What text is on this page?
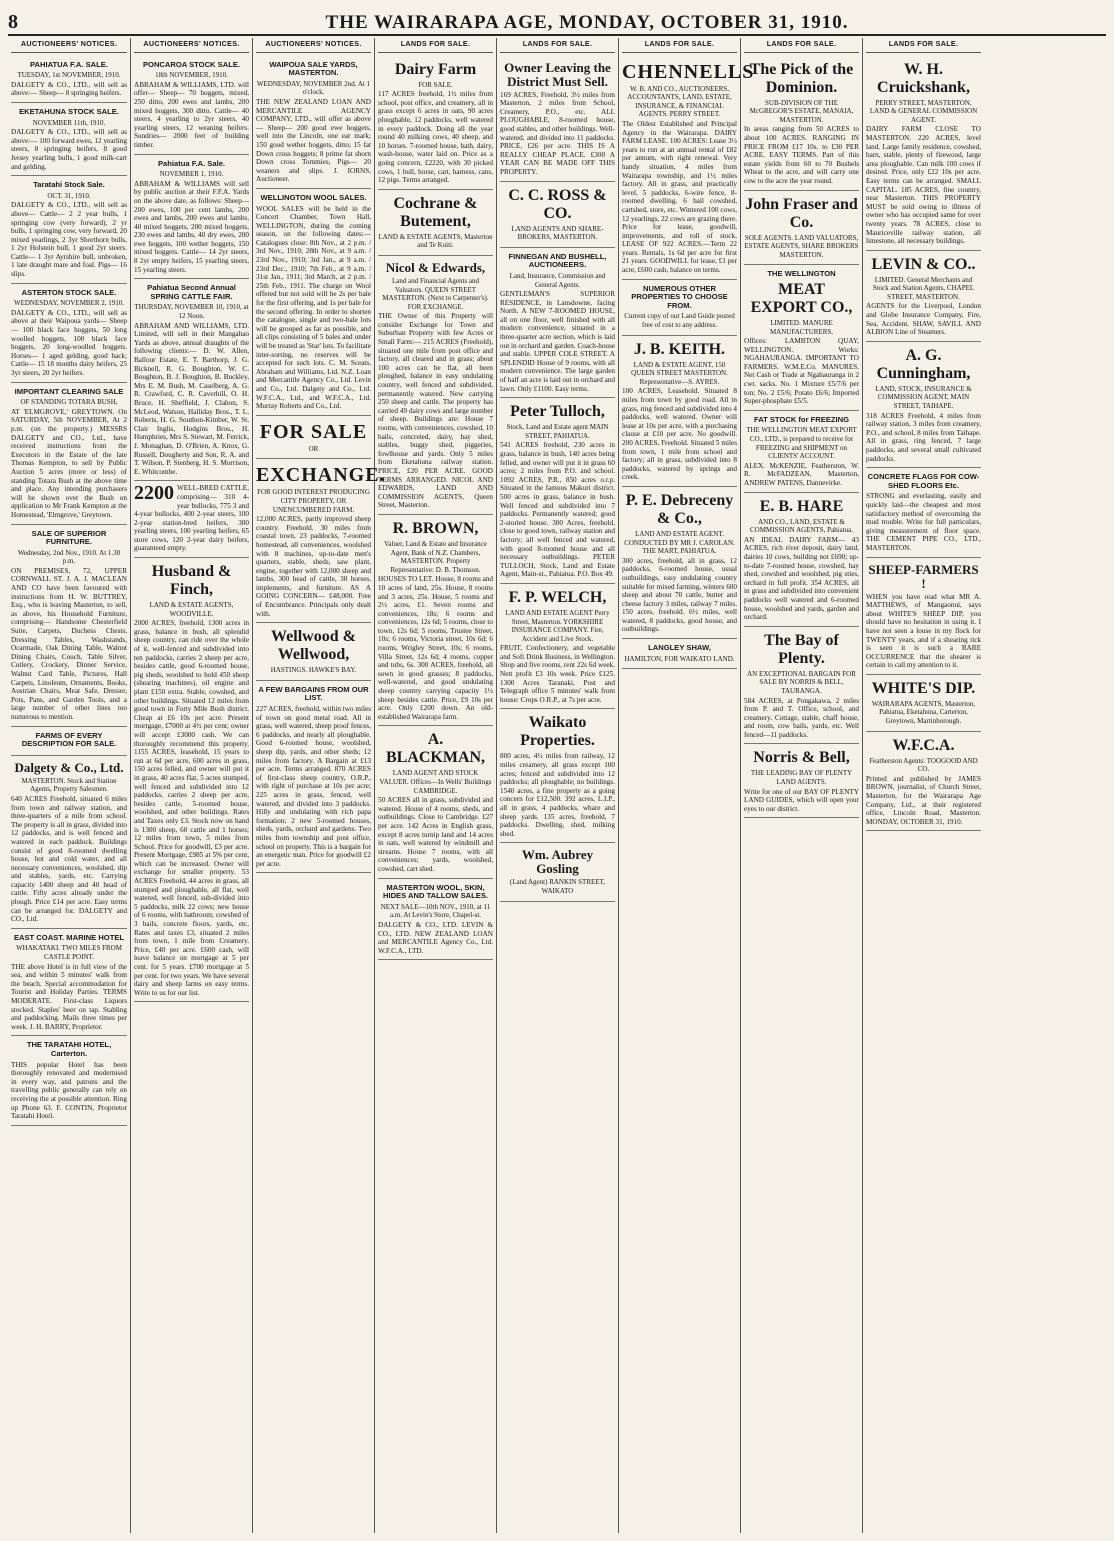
8	THE WAIRARAPA AGE, MONDAY, OCTOBER 31, 1910.
AUCTIONEERS' NOTICES.
PAHIATUA F.A. SALE.
TUESDAY, 1st NOVEMBER, 1910.
DALGETY & CO., LTD., will sell as above:— Sheep— 8 springing heifers.
EKETAHUNA STOCK SALE.
NOVEMBER 11th, 1910.
DALGETY & CO., LTD., will sell as above:— 100 forward ewes, 12 yearling steers, 8 springing heifers, 8 good Jersey yearling bulls, 1 good milk-cart and gelding.
Taratahi Stock Sale.
OCT. 31, 1910.
DALGETY & CO., LTD., will sell as above— Cattle— 2 2 year bulls, 1 springing cow (very forward), 2 yr bulls, 1 springing cow, very forward, 20 mixed yearlings, 2 3yr Shorthorn bulls, 1 2yr Holstein bull, 1 good 2yr steers. Cattle— 1 3yr Ayrshire bull, unbroken, 1 late draught mare and foal. Pigs— 16 slips.
ASTERTON STOCK SALE.
WEDNESDAY, NOVEMBER 2, 1910.
DALGETY & CO., LTD., will sell as above at their Waipoua yards— Sheep— 100 black face hoggets, 50 long woolled hoggets, 100 black face hoggets, 20 long-woolled hoggets. Horses— 1 aged gelding, good hack; Cattle— 15 18 months dairy heifers, 25 3yr steers, 20 2yr heifers.
IMPORTANT CLEARING SALE
OF STANDING TOTARA BUSH,
AT 'ELMGROVE,' GREYTOWN. On SATURDAY, 5th NOVEMBER, At 2 p.m. (on the property.) MESSRS DALGETY and CO., Ltd., have received instructions from the Executors in the Estate of the late Thomas Kempton, to sell by Public Auction 5 acres (more or less) of standing Totara Bush at the above time and place. Any intending purchasers will be shown over the Bush on application to Mr Frank Kempton at the Homestead, 'Elmgrove,' Greytown.
SALE OF SUPERIOR FURNITURE.
Wednesday, 2nd Nov., 1910. At 1.30 p.m.
ON PREMISES, 72, UPPER CORNWALL ST. J. A. J. MACLEAN AND CO have been favoured with instructions from H. W. BUTTREY, Esq., who is leaving Masterton, to sell, as above, his Household Furniture, comprising— Handsome Chesterfield Suite, Carpets, Duchess Chests, Dressing Tables, Washstands, Ocarmade, Oak Dining Table, Walnut Dining Chairs, Couch, Table Silver, Cutlery, Crockery, Dinner Service, Walnut Card Table, Pictures, Hall Carpets, Linoleum, Ornaments, Books, Austrian Chairs, Meat Safe, Dresser, Pots, Pans, and Garden Tools, and a large number of other lines too numerous to mention.
FARMS OF EVERY DESCRIPTION FOR SALE.
Dalgety & Co., Ltd.
MASTERTON. Stock and Station Agents, Property Salesmen.
640 ACRES Freehold, situated 6 miles from town and railway station, and three-quarters of a mile from school. The property is all in grass, divided into 12 paddocks, and is well fenced and watered in each paddock. Buildings consist of good 8-roomed dwelling house, hot and cold water, and all necessary conveniences, woolshed, dip and stables, yards, etc. Carrying capacity 1400 sheep and 40 head of cattle. Fifty acres already under the plough. Price £14 per acre. Easy terms can be arranged for. DALGETY and CO., Ltd.
EAST COAST. MARINE HOTEL
WHAKATAKI. TWO MILES FROM CASTLE POINT.
THE above Hotel is in full view of the sea, and within 5 minutes' walk from the beach. Special accommodation for Tourist and Holiday Parties. TERMS MODERATE. First-class Liquors stocked. Staples' beer on tap. Stabling and paddocking. Mails three times per week. J. H. BARRY, Proprietor.
THE TARATAHI HOTEL, Carterton.
THIS popular Hotel has been thoroughly renovated and modernised in every way, and patrons and the travelling public generally can rely on receiving the at possible attention. Ring up Phone 63. F. CONTIN, Proprietor Taratahi Hotel.
AUCTIONEERS' NOTICES.
PONCAROA STOCK SALE.
18th NOVEMBER, 1910.
ABRAHAM & WILLIAMS, LTD. will offer— Sheep— 70 hoggets, mixed, 250 ditto, 200 ewes and lambs, 200 mixed hoggets, 300 ditto. Cattle— 40 steers, 4 yearling to 2yr steers, 40 yearling steers, 12 weaning heifers. Sundries— 2000 feet of building timber.
Pahiatua F.A. Sale.
NOVEMBER 1, 1910.
ABRAHAM & WILLIAMS will sell by public auction at their F.F.A. Yards on the above date, as follows: Sheep— 200 ewes, 100 per cent lambs, 200 ewes and lambs, 200 ewes and lambs, 40 mixed hoggets, 200 mixed hoggets, 230 ewes and lambs, 40 dry ewes, 200 ewe hoggets, 100 wether hoggets, 150 mixed hoggets. Cattle— 14 2yr steers, 8 2yr empty heifers, 15 yearling steers, 15 yearling steers.
Pahiatua Second Annual SPRING CATTLE FAIR.
THURSDAY, NOVEMBER 10, 1910, at 12 Noon.
ABRAHAM AND WILLIAMS, LTD. Limited, will sell in their Mangahao Yards as above, annual draughts of the following clients:— D. W. Allen, Ballour Estate, E. T. Barthorp, J. G. Bicknell, R. G. Boughton, W. C. Boughton, B. J. Boughton, B. Buckley, Mrs E. M. Bush, M. Caselberg, A. G. R. Crawford, C. R. Caverhill, O. H. Bruce, H. Sheffield, J. Clahon, S. McLeod, Watson, Halliday Bros., T. L. Roberts, H. G. Southon-Kimber, W. St. Clair Inglis, Hodgins Bros., H. Humphries, Mrs S. Stewart, M. Ferrick, J. Monaghan, D. O'Brien, A. Knox, G. Russell, Dougherty and Son, R. A. and T. Wilson, P. Stenberg, H. S. Morrison, E. Whitcombe.
2200 WELL-BRED CATTLE, comprising— 310 4-year bullocks, 775 3 and 4-year bullocks, 400 2-year steers, 100 2-year station-bred heifers, 300 yearling steers, 100 yearling heifers, 65 store cows, 120 2-year dairy heifers, guaranteed empty.
Husband & Finch,
LAND & ESTATE AGENTS, WOODVILLE.
2000 ACRES, freehold, 1300 acres in grass, balance in bush, all splendid sheep country, can ride over the whole of it, well-fenced and subdivided into ten paddocks, carries 2 sheep per acre, besides cattle, good 6-roomed house, pig sheds, woolshed to hold 450 sheep (shearing machines), oil engine and plant £150 extra. Stable, cowshed, and other buildings. Situated 12 miles from good town in Forty Mile Bush district. Cheap at £6 10s per acre. Present mortgage, £7000 at 4½ per cent; owner will accept £3000 cash. We can thoroughly recommend this property. 1155 ACRES, leasehold, 15 years to run at 6d per acre, 600 acres in grass, 150 acres felled, and owner will put it in grass, 40 acres flat, 5 acres stumped, well fenced and subdivided into 12 paddocks, carries 2 sheep per acre, besides cattle, 5-roomed house, woolshed, and other buildings. Rates and Taxes only £3. Stock now on hand is 1300 sheep, 60 cattle and 1 horses; 12 miles from town, 5 miles from School. Price for goodwill, £3 per acre. Present Mortgage, £985 at 5% per cent, which can be increased. Owner will exchange for smaller property. 53 ACRES Freehold, 44 acres in grass, all stumped and ploughable, all flat, well watered, well fenced, sub-divided into 5 paddocks, milk 22 cows; new house of 6 rooms, with bathroom; cowshed of 3 bails, concrete floors, yards, etc. Rates and taxes £3, situated 2 miles from town, 1 mile from Creamery. Price, £40 per acre. £600 cash, will leave balance on mortgage at 5 per cent. for 5 years. £700 mortgage at 5 per cent. for two years. We have several dairy and sheep farms on easy terms. Write to us for our list.
AUCTIONEERS' NOTICES.
WAIPOUA SALE YARDS, MASTERTON.
WEDNESDAY, NOVEMBER 2nd. At 1 o'clock.
THE NEW ZEALAND LOAN AND MERCANTILE AGENCY COMPANY, LTD., will offer as above— Sheep— 200 good ewe hoggets, well into the Lincoln, one ear mark; 150 good wether hoggets, ditto; 15 fat Down cross hoggets; 8 prime fat shorn Down cross Tommies, Pigs— 20 weaners and slips. J. IORNS, Auctioneer.
WELLINGTON WOOL SALES.
WOOL SALES will be held in the Concert Chamber, Town Hall, WELLINGTON, during the coming season, on the following dates:— Catalogues close: 8th Nov., at 2 p.m. / 3rd Nov., 1910; 28th Nov., at 9 a.m. / 23rd Nov., 1910; 3rd Jan., at 9 a.m. / 23rd Dec., 1910; 7th Feb., at 9 a.m. / 31st Jan., 1911; 3rd March, at 2 p.m. / 25th Feb., 1911. The charge on Wool offered but not sold will be 2s per bale for the first offering, and 1s per bale for the second offering. In order to shorten the catalogue, single and two-bale lots will be grouped as far as possible, and all clips consisting of 5 bales and under will be treated as 'Star' lots. To facilitate inter-sorting, no reserves will be accepted for such lots. C. M. Sceats, Abraham and Williams, Ltd. N.Z. Loan and Mercantile Agency Co., Ltd. Levin and Co., Ltd. Dalgety and Co., Ltd. W.F.C.A., Ltd., and W.F.C.A., Ltd. Murray Roberts and Co., Ltd.
FOR SALE
OR
EXCHANGE.
FOR GOOD INTEREST PRODUCING CITY PROPERTY, OR UNENCUMBERED FARM.
12,000 ACRES, partly improved sheep country. Freehold. 30 miles from coastal town, 23 paddocks, 7-roomed homestead, all conveniences, woolshed with 8 machines, up-to-date men's quarters, stable, sheds, saw plant, engine, together with 12,000 sheep and lambs, 300 head of cattle, 30 horses, implements, and furniture. AS A GOING CONCERN— £48,000. Free of Encumbrance. Principals only dealt with.
Wellwood & Wellwood,
HASTINGS. HAWKE'S BAY.
A FEW BARGAINS FROM OUR LIST.
227 ACRES, freehold, within two miles of town on good metal road. All in grass, well watered, sheep proof fences, 6 paddocks, and nearly all ploughable. Good 6-roomed house, woolshed, sheep dip, yards, and other sheds; 12 miles from factory. A Bargain at £13 per acre. Terms arranged. 870 ACRES of first-class sheep country, O.R.P., with right of purchase at 10s per acre; 225 acres in grass, fenced, well watered, and divided into 3 paddocks. Hilly and undulating with rich papa formation; 2 new 5-roomed houses, sheds, yards, orchard and gardens. Two miles from township and post office, school on property. This is a bargain for an energetic man. Price for goodwill £2 per acre.
LANDS FOR SALE.
Dairy Farm
FOR SALE.
117 ACRES freehold, 1½ miles from school, post office, and creamery, all in grass except 6 acres in oats, 90 acres ploughable, 12 paddocks, well watered in every paddock. Doing all the year round 40 milking cows, 40 sheep, and 10 horses. 7-roomed house, bath, dairy, wash-house, water laid on. Price as a going concern, £2220, with 30 picked cows, 1 bull, horse, cart, harness, cans, 12 pigs. Terms arranged.
Cochrane & Butement,
LAND & ESTATE AGENTS, Masterton and Te Kuiti.
Nicol & Edwards,
Land and Financial Agents and Valuators. QUEEN STREET MASTERTON. (Next to Carpenter's). FOR EXCHANGE.
THE Owner of this Property will consider Exchange for Town and Suburban Property with few Acres or Small Farm:— 215 ACRES (Freehold), situated one mile from post office and factory, all cleared and in grass; about 100 acres can be flat, all been ploughed, balance in easy undulating country, well fenced and subdivided, permanently watered. New carrying 250 sheep and cattle. The property has carried 49 dairy cows and large number of sheep. Buildings are: House 7 rooms, with conveniences, cowshed, 10 bails, concreted, dairy, hay shed, stables, buggy shed, piggeries, fowlhouse and yards. Only 5 miles from Eketahuna railway station. PRICE, £20 PER ACRE. GOOD TERMS ARRANGED. NICOL AND EDWARDS, LAND AND COMMISSION AGENTS, Queen Street, Masterton.
R. BROWN,
Valuer, Land & Estate and Insurance Agent, Bank of N.Z. Chambers, MASTERTON. Property Representative: D. B. Thomson.
HOUSES TO LET. House, 8 rooms and 10 acres of land, 25s. House, 8 rooms and 3 acres, 25s. House, 5 rooms and 2½ acres, £1. Seven rooms and conveniences, 18s; 6 rooms and conveniences, 12s 6d; 5 rooms, close to town, 12s 6d; 5 rooms, Trustee Street, 10s; 6 rooms, Victoria street, 10s 6d; 6 rooms, Wrigley Street, 10s; 6 rooms, Villa Street, 12s 6d; 4 rooms, copper and tubs, 6s. 300 ACRES, freehold, all sown in good grasses; 8 paddocks, well-watered, and good undulating sheep country carrying capacity 1½ sheep besides cattle. Price, £9 10s per acre. Only £200 down. An old-established Wairarapa farm.
A. BLACKMAN,
LAND AGENT AND STOCK VALUER. Offices—In Wells' Buildings CAMBRIDGE.
50 ACRES all in grass, subdivided and watered. House of 4 rooms, sheds, and outbuildings. Close to Cambridge. £27 per acre. 142 Acres in English grass, except 8 acres turnip land and 14 acres in oats, well watered by windmill and streams. House 7 rooms, with all conveniences; yards, woolshed, cowshed, cart shed.
MASTERTON WOOL, SKIN, HIDES AND TALLOW SALES.
NEXT SALE—10th NOV., 1910, at 11 a.m. At Levin's Store, Chapel-st.
DALGETY & CO., LTD. LEVIN & CO., LTD. NEW ZEALAND LOAN and MERCANTILE Agency Co., Ltd. W.F.C.A., LTD.
LANDS FOR SALE.
Owner Leaving the District Must Sell.
169 ACRES, Freehold, 3½ miles from Masterton, 2 miles from School, Creamery, P.O., etc. ALL PLOUGHABLE, 8-roomed house, good stables, and other buildings. Well-watered, and divided into 11 paddocks. PRICE, £26 per acre. THIS IS A REALLY CHEAP PLACE. £300 A YEAR CAN BE MADE OFF THIS PROPERTY.
C. C. ROSS & CO.
LAND AGENTS AND SHARE-BROKERS, MASTERTON.
FINNEGAN AND BUSHELL, AUCTIONEERS.
Land, Insurance, Commission and General Agents.
GENTLEMAN'S SUPERIOR RESIDENCE, in Lansdowne, facing North. A NEW 7-ROOMED HOUSE, all on one floor, well finished with all modern convenience, situated in a three-quarter acre section, which is laid out in orchard and garden. Coach-house and stable. UPPER COLE STREET. A SPLENDID House of 9 rooms, with all modern convenience. The large garden of half an acre is laid out in orchard and lawn. Only £1100. Easy terms.
Peter Tulloch,
Stock, Land and Estate agent MAIN STREET, PAHIATUA.
541 ACRES freehold, 230 acres in grass, balance in bush, 140 acres being felled, and owner will put it in grass 60 acres; 2 miles from P.O. and school. 1092 ACRES, P.R., 850 acres o.r.p. Situated in the famous Makuri district. 500 acres in grass, balance in bush. Well fenced and subdivided into 7 paddocks. Permanently watered; good 2-storied house. 300 Acres, freehold, close to good town, railway station and factory; all well fenced and watered, with good 8-roomed house and all necessary outbuildings. PETER TULLOCH, Stock, Land and Estate Agent, Main-st., Pahiatua. P.O. Box 49.
F. P. WELCH,
LAND AND ESTATE AGENT Perry Street, Masterton. YORKSHIRE INSURANCE COMPANY. Fire, Accident and Live Stock.
FRUIT, Confectionery, and vegetable and Soft Drink Business, in Wellington. Shop and five rooms, rent 22s 6d week. Nett profit £3 10s week. Price £125. 1300 Acres Taranaki, Post and Telegraph office 5 minutes' walk from house: Crops O.R.P., at 7s per acre.
Waikato Properties.
800 acres, 4½ miles from railway, 12 miles creamery, all grass except 100 acres; fenced and subdivided into 12 paddocks; all ploughable; no buildings. 1540 acres, a fine property as a going concern for £12,500. 392 acres, L.I.P., all in grass, 4 paddocks, whare and sheep yards. 135 acres, freehold, 7 paddocks. Dwelling, shed, milking shed.
Wm. Aubrey Gosling
(Land Agent) RANKIN STREET, WAIKATO
LANDS FOR SALE.
CHENNELLS
W. B. AND CO., AUCTIONEERS, ACCOUNTANTS, LAND, ESTATE, INSURANCE, & FINANCIAL AGENTS. PERRY STREET.
The Oldest Established and Principal Agency in the Wairarapa. DAIRY FARM LEASE. 100 ACRES: Lease 3½ years to run at an annual rental of £82 per annum, with right renewal. Very handy situation, 4 miles from Wairarapa township, and 1½ miles factory. All in grass, and practically level, 5 paddocks, 6-wire fence, 8-roomed dwelling, 6 bail cowshed, cartshed, store, etc. Wintered 100 cows, 12 yearlings, 22 cows are grazing there. Price for lease, goodwill, improvements, and roll of stock. LEASE OF 922 ACRES.—Term 22 years. Rentals, 1s 6d per acre for first 21 years. GOODWILL for lease, £1 per acre, £600 cash, balance on terms.
NUMEROUS OTHER PROPERTIES TO CHOOSE FROM.
Current copy of our Land Guide posted free of cost to any address.
J. B. KEITH.
LAND & ESTATE AGENT, 150 QUEEN STREET MASTERTON. Representative—S. AYRES.
100 ACRES, Leasehold. Situated 8 miles from town by good road. All in grass, ring fenced and subdivided into 4 paddocks, well watered. Owner will lease at 10s per acre, with a purchasing clause at £10 per acre. No goodwill. 200 ACRES, Freehold. Situated 5 miles from town, 1 mile from school and factory; all in grass, subdivided into 8 paddocks, watered by springs and creek.
P. E. Debreceny & Co.,
LAND AND ESTATE AGENT. CONDUCTED BY MR J. CAROLAN. THE MART, PAHIATUA.
300 acres, freehold, all in grass, 12 paddocks, 6-roomed house, usual outbuildings, easy undulating country suitable for mixed farming, winters 600 sheep and about 70 cattle, butter and cheese factory 3 miles, railway 7 miles. 150 acres, freehold. 6½ miles, well watered, 8 paddocks, good house, and outbuildings.
LANGLEY SHAW,
HAMILTON, FOR WAIKATO LAND.
LANDS FOR SALE.
The Pick of the Dominion.
SUB-DIVISION OF THE McGREGOR'S ESTATE, MANAIA, MASTERTON.
In areas ranging from 50 ACRES to about 100 ACRES. RANGING IN PRICE FROM £17 10s. to £30 PER ACRE. EASY TERMS. Part of this estate yields from 60 to 70 Bushels Wheat to the acre, and will carry one cow to the acre the year round.
John Fraser and Co.
SOLE AGENTS. LAND VALUATORS, ESTATE AGENTS, SHARE BROKERS MASTERTON.
THE WELLINGTON
MEAT EXPORT CO.,
LIMITED. MANURE MANUFACTURERS.
Offices: LAMBTON QUAY, WELLINGTON. Works: NGAHAURANGA. IMPORTANT TO FARMERS. W.M.E.Co. MANURES. Net Cash or Trade at Ngahauranga in 2 cwt. sacks. No. 1 Mixture £5/7/6 per ton; No. 2 £5/6; Potato £6/6; Imported Super-phosphate £5/5.
FAT STOCK for FREEZING
THE WELLINGTON MEAT EXPORT CO., LTD., is prepared to receive for FREEZING and SHIPMENT on CLIENTS' ACCOUNT.
ALEX. McKENZIE, Featherston, W. R. McFADZEAN, Masterton, ANDREW PATENS, Dannevirke.
E. B. HARE
AND CO., LAND, ESTATE & COMMISSION AGENTS, Pahiatua.
AN IDEAL DAIRY FARM— 43 ACRES, rich river deposit, dairy land, dairies 10 cows, building not £690; up-to-date 7-roomed house, cowshed, hay shed, cowshed and woolshed, pig sties, orchard in full profit. 354 ACRES, all in grass and subdivided into convenient paddocks well watered and 6-roomed house, woolshed and yards, garden and orchard.
The Bay of Plenty.
AN EXCEPTIONAL BARGAIN FOR SALE BY NORRIS & BELL, TAURANGA.
584 ACRES, at Pongakawa, 2 miles from P. and T. Office, school, and creamery. Cottage, stable, chaff house, and room, cow bails, yards, etc. Well fenced—11 paddocks.
Norris & Bell,
THE LEADING BAY OF PLENTY LAND AGENTS.
Write for one of our BAY OF PLENTY LAND GUIDES, which will open your eyes to our district.
LANDS FOR SALE.
W. H. Cruickshank,
PERRY STREET, MASTERTON, LAND & GENERAL COMMISSION AGENT.
DAIRY FARM CLOSE TO MASTERTON. 220 ACRES, level land. Large family residence, cowshed, barn, stable, plenty of firewood, large area ploughable. Can milk 100 cows if desired. Price, only £22 10s per acre. Easy terms can be arranged. SMALL CAPITAL. 185 ACRES, fine country, near Masterton. THIS PROPERTY MUST be sold owing to illness of owner who has occupied same for over twenty years. 78 ACRES, close to Mauriceville railway station, all limestone, all necessary buildings.
LEVIN & CO..
LIMITED. General Merchants and Stock and Station Agents, CHAPEL STREET, MASTERTON.
AGENTS for the Liverpool, London and Globe Insurance Company, Fire, Sea, Accident. SHAW, SAVILL AND ALBION Line of Steamers.
A. G. Cunningham,
LAND, STOCK, INSURANCE & COMMISSION AGENT, MAIN STREET, TAIHAPE.
318 ACRES Freehold, 4 miles from railway station, 3 miles from creamery, P.O., and school, 8 miles from Taihape. All in grass, ring fenced, 7 large paddocks, and several small cultivated paddocks.
CONCRETE FLAGS FOR COW-SHED FLOORS Etc.
STRONG and everlasting, easily and quickly laid—the cheapest and most satisfactory method of overcoming the mud trouble. Write for full particulars, giving measurement of floor space. THE CEMENT PIPE CO., LTD., MASTERTON.
SHEEP-FARMERS !
WHEN you have read what MR A. MATTHEWS, of Mangaonui, says about WHITE'S SHEEP DIP, you should have no hesitation in using it. I have not seen a louse in my flock for TWENTY years, and if a shearing tick is seen it is such a RARE OCCURRENCE that the shearer is certain to call my attention to it.
WHITE'S DIP.
WAIRARAPA AGENTS, Masterton, Pahiatua, Eketahuna, Carterton, Greytown, Martinborough.
W.F.C.A.
Featherston Agents: TOOGOOD AND CO.
Printed and published by JAMES BROWN, journalist, of Church Street, Masterton, for the Wairarapa Age Company, Ltd., at their registered office, Lincoln Road, Masterton. MONDAY, OCTOBER 31, 1910.
